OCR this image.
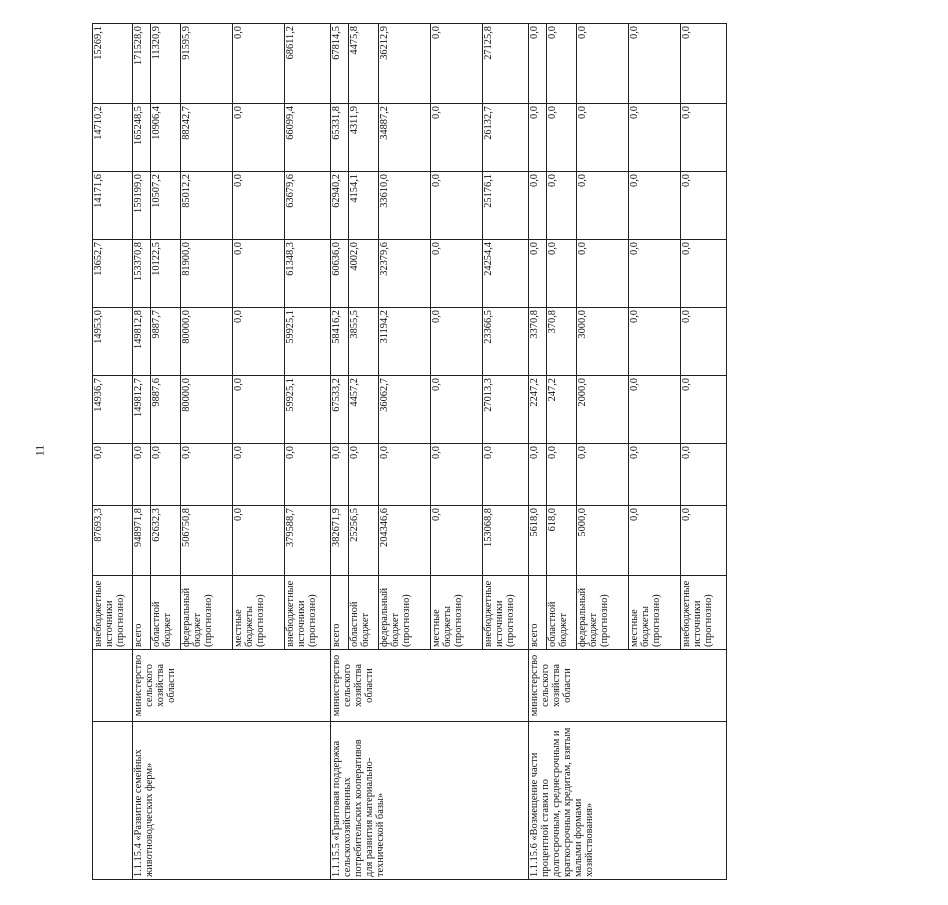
11
		внебюджетные источники (прогнозно)	87693,3	0,0	14936,7	14953,0	13652,7	14171,6	14710,2	15269,1
1.1.15.4 «Развитие семейных животноводческих ферм»	министерство сельского хозяйства области	всего	948971,8	0,0	149812,7	149812,8	153370,8	159199,0	165248,5	171528,0
		областной бюджет	62632,3	0,0	9887,6	9887,7	10122,5	10507,2	10906,4	11320,9
		федеральный бюджет (прогнозно)	506750,8	0,0	80000,0	80000,0	81900,0	85012,2	88242,7	91595,9
		местные бюджеты (прогнозно)	0,0	0,0	0,0	0,0	0,0	0,0	0,0	0,0
		внебюджетные источники (прогнозно)	379588,7	0,0	59925,1	59925,1	61348,3	63679,6	66099,4	68611,2
1.1.15.5 «Грантовая поддержка сельскохозяйственных потребительских кооперативов для развития материально-технической базы»	министерство сельского хозяйства области	всего	382671,9	0,0	67533,2	58416,2	60636,0	62940,2	65331,8	67814,5
		областной бюджет	25256,5	0,0	4457,2	3855,5	4002,0	4154,1	4311,9	4475,8
		федеральный бюджет (прогнозно)	204346,6	0,0	36062,7	31194,2	32379,6	33610,0	34887,2	36212,9
		местные бюджеты (прогнозно)	0,0	0,0	0,0	0,0	0,0	0,0	0,0	0,0
		внебюджетные источники (прогнозно)	153068,8	0,0	27013,3	23366,5	24254,4	25176,1	26132,7	27125,8
1.1.15.6 «Возмещение части процентной ставки по долгосрочным, среднесрочным и краткосрочным кредитам, взятым малыми формами хозяйствования»	министерство сельского хозяйства области	всего	5618,0	0,0	2247,2	3370,8	0,0	0,0	0,0	0,0
		областной бюджет	618,0	0,0	247,2	370,8	0,0	0,0	0,0	0,0
		федеральный бюджет (прогнозно)	5000,0	0,0	2000,0	3000,0	0,0	0,0	0,0	0,0
		местные бюджеты (прогнозно)	0,0	0,0	0,0	0,0	0,0	0,0	0,0	0,0
		внебюджетные источники (прогнозно)	0,0	0,0	0,0	0,0	0,0	0,0	0,0	0,0
